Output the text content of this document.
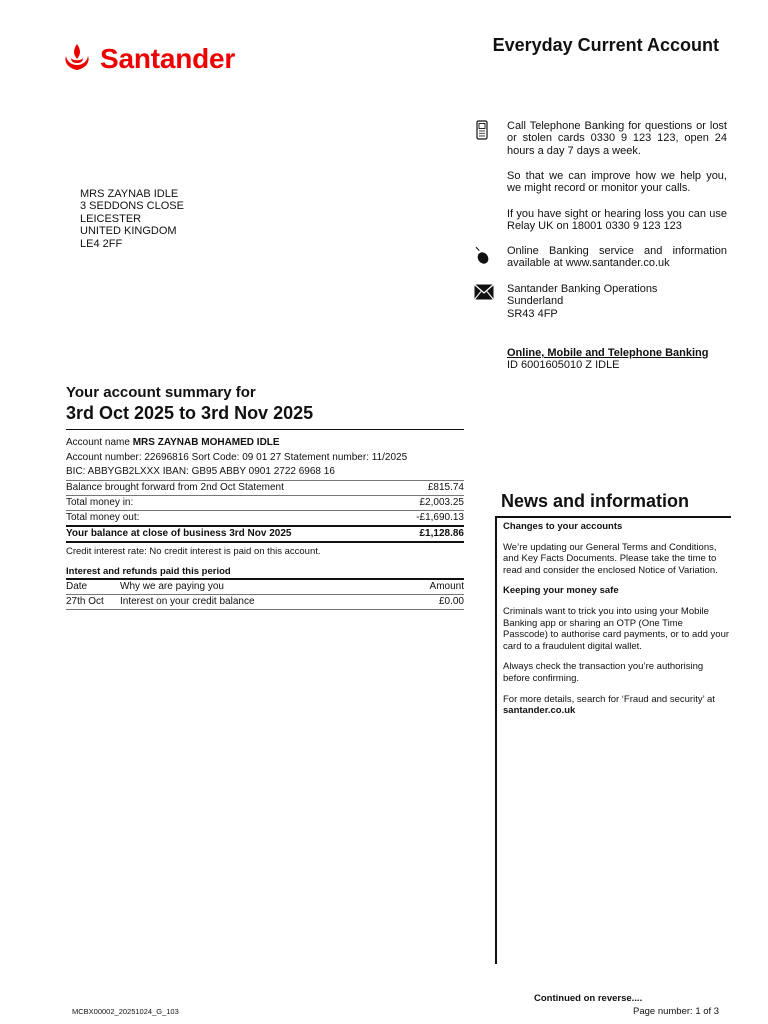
Santander	Everyday Current Account
MRS ZAYNAB IDLE
3 SEDDONS CLOSE
LEICESTER
UNITED KINGDOM
LE4 2FF
Call Telephone Banking for questions or lost or stolen cards 0330 9 123 123, open 24 hours a day 7 days a week.
So that we can improve how we help you, we might record or monitor your calls.
If you have sight or hearing loss you can use Relay UK on 18001 0330 9 123 123
Online Banking service and information available at www.santander.co.uk
Santander Banking Operations
Sunderland
SR43 4FP
Online, Mobile and Telephone Banking
ID 6001605010 Z IDLE
Your account summary for
3rd Oct 2025 to 3rd Nov 2025
Account name MRS ZAYNAB MOHAMED IDLE
Account number: 22696816 Sort Code: 09 01 27 Statement number: 11/2025
BIC: ABBYGB2LXXX IBAN: GB95 ABBY 0901 2722 6968 16
Balance brought forward from 2nd Oct Statement	£815.74
Total money in:	£2,003.25
Total money out:	-£1,690.13
Your balance at close of business 3rd Nov 2025	£1,128.86
Credit interest rate: No credit interest is paid on this account.
Interest and refunds paid this period
Date	Why we are paying you	Amount
27th Oct	Interest on your credit balance	£0.00
News and information
Changes to your accounts

We’re updating our General Terms and Conditions, and Key Facts Documents. Please take the time to read and consider the enclosed Notice of Variation.

Keeping your money safe

Criminals want to trick you into using your Mobile Banking app or sharing an OTP (One Time Passcode) to authorise card payments, or to add your card to a fraudulent digital wallet.

Always check the transaction you’re authorising before confirming.

For more details, search for ‘Fraud and security’ at santander.co.uk

Continued on reverse....
Page number: 1 of 3
MCBX00002_20251024_G_103
